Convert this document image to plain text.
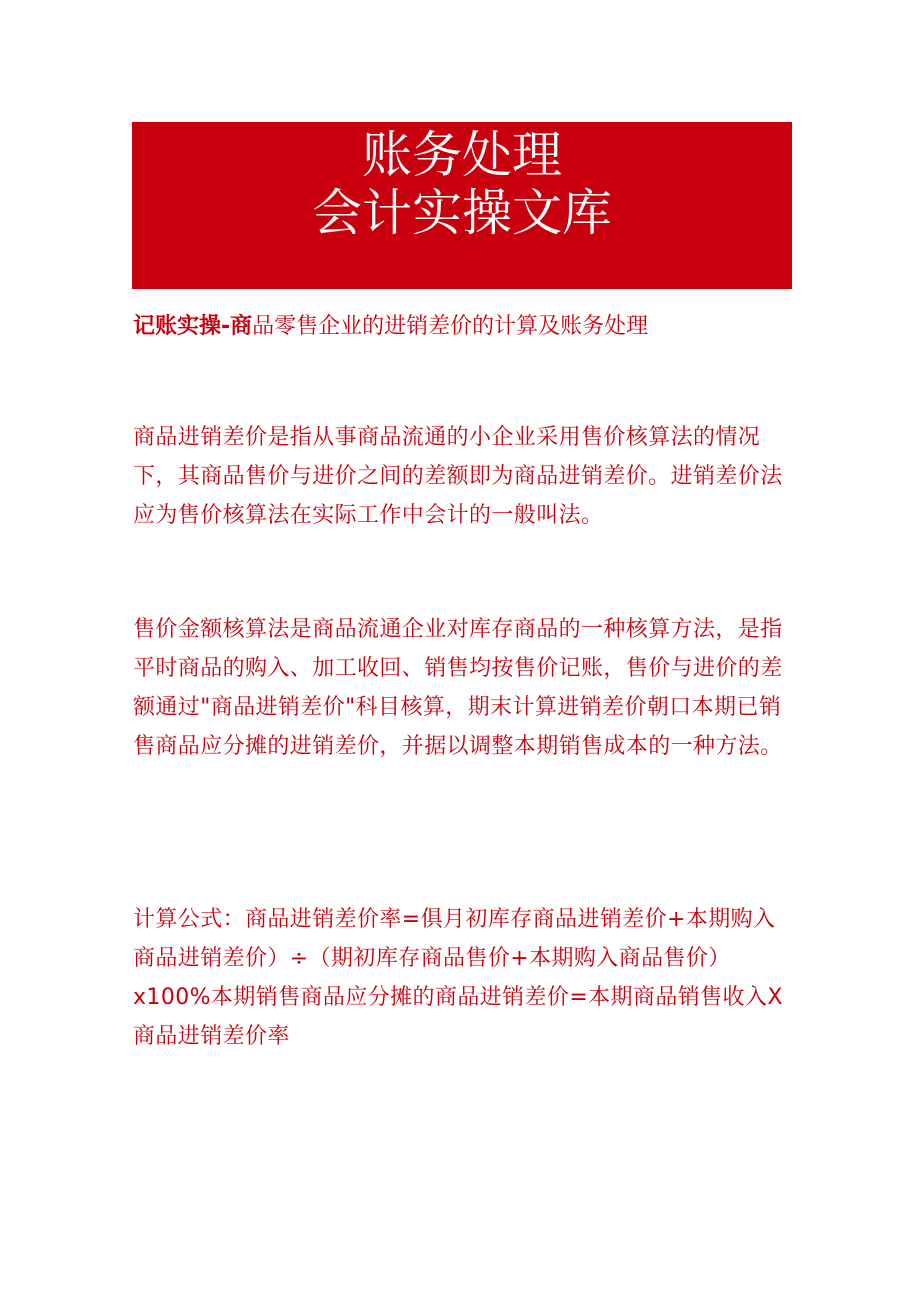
账务处理
会计实操文库

记账实操-商品零售企业的进销差价的计算及账务处理

商品进销差价是指从事商品流通的小企业采用售价核算法的情况下，其商品售价与进价之间的差额即为商品进销差价。进销差价法应为售价核算法在实际工作中会计的一般叫法。

售价金额核算法是商品流通企业对库存商品的一种核算方法，是指平时商品的购入、加工收回、销售均按售价记账，售价与进价的差额通过"商品进销差价"科目核算，期末计算进销差价朝口本期已销售商品应分摊的进销差价，并据以调整本期销售成本的一种方法。

计算公式：商品进销差价率=俱月初库存商品进销差价+本期购入商品进销差价）÷（期初库存商品售价+本期购入商品售价）x100%本期销售商品应分摊的商品进销差价=本期商品销售收入X商品进销差价率
